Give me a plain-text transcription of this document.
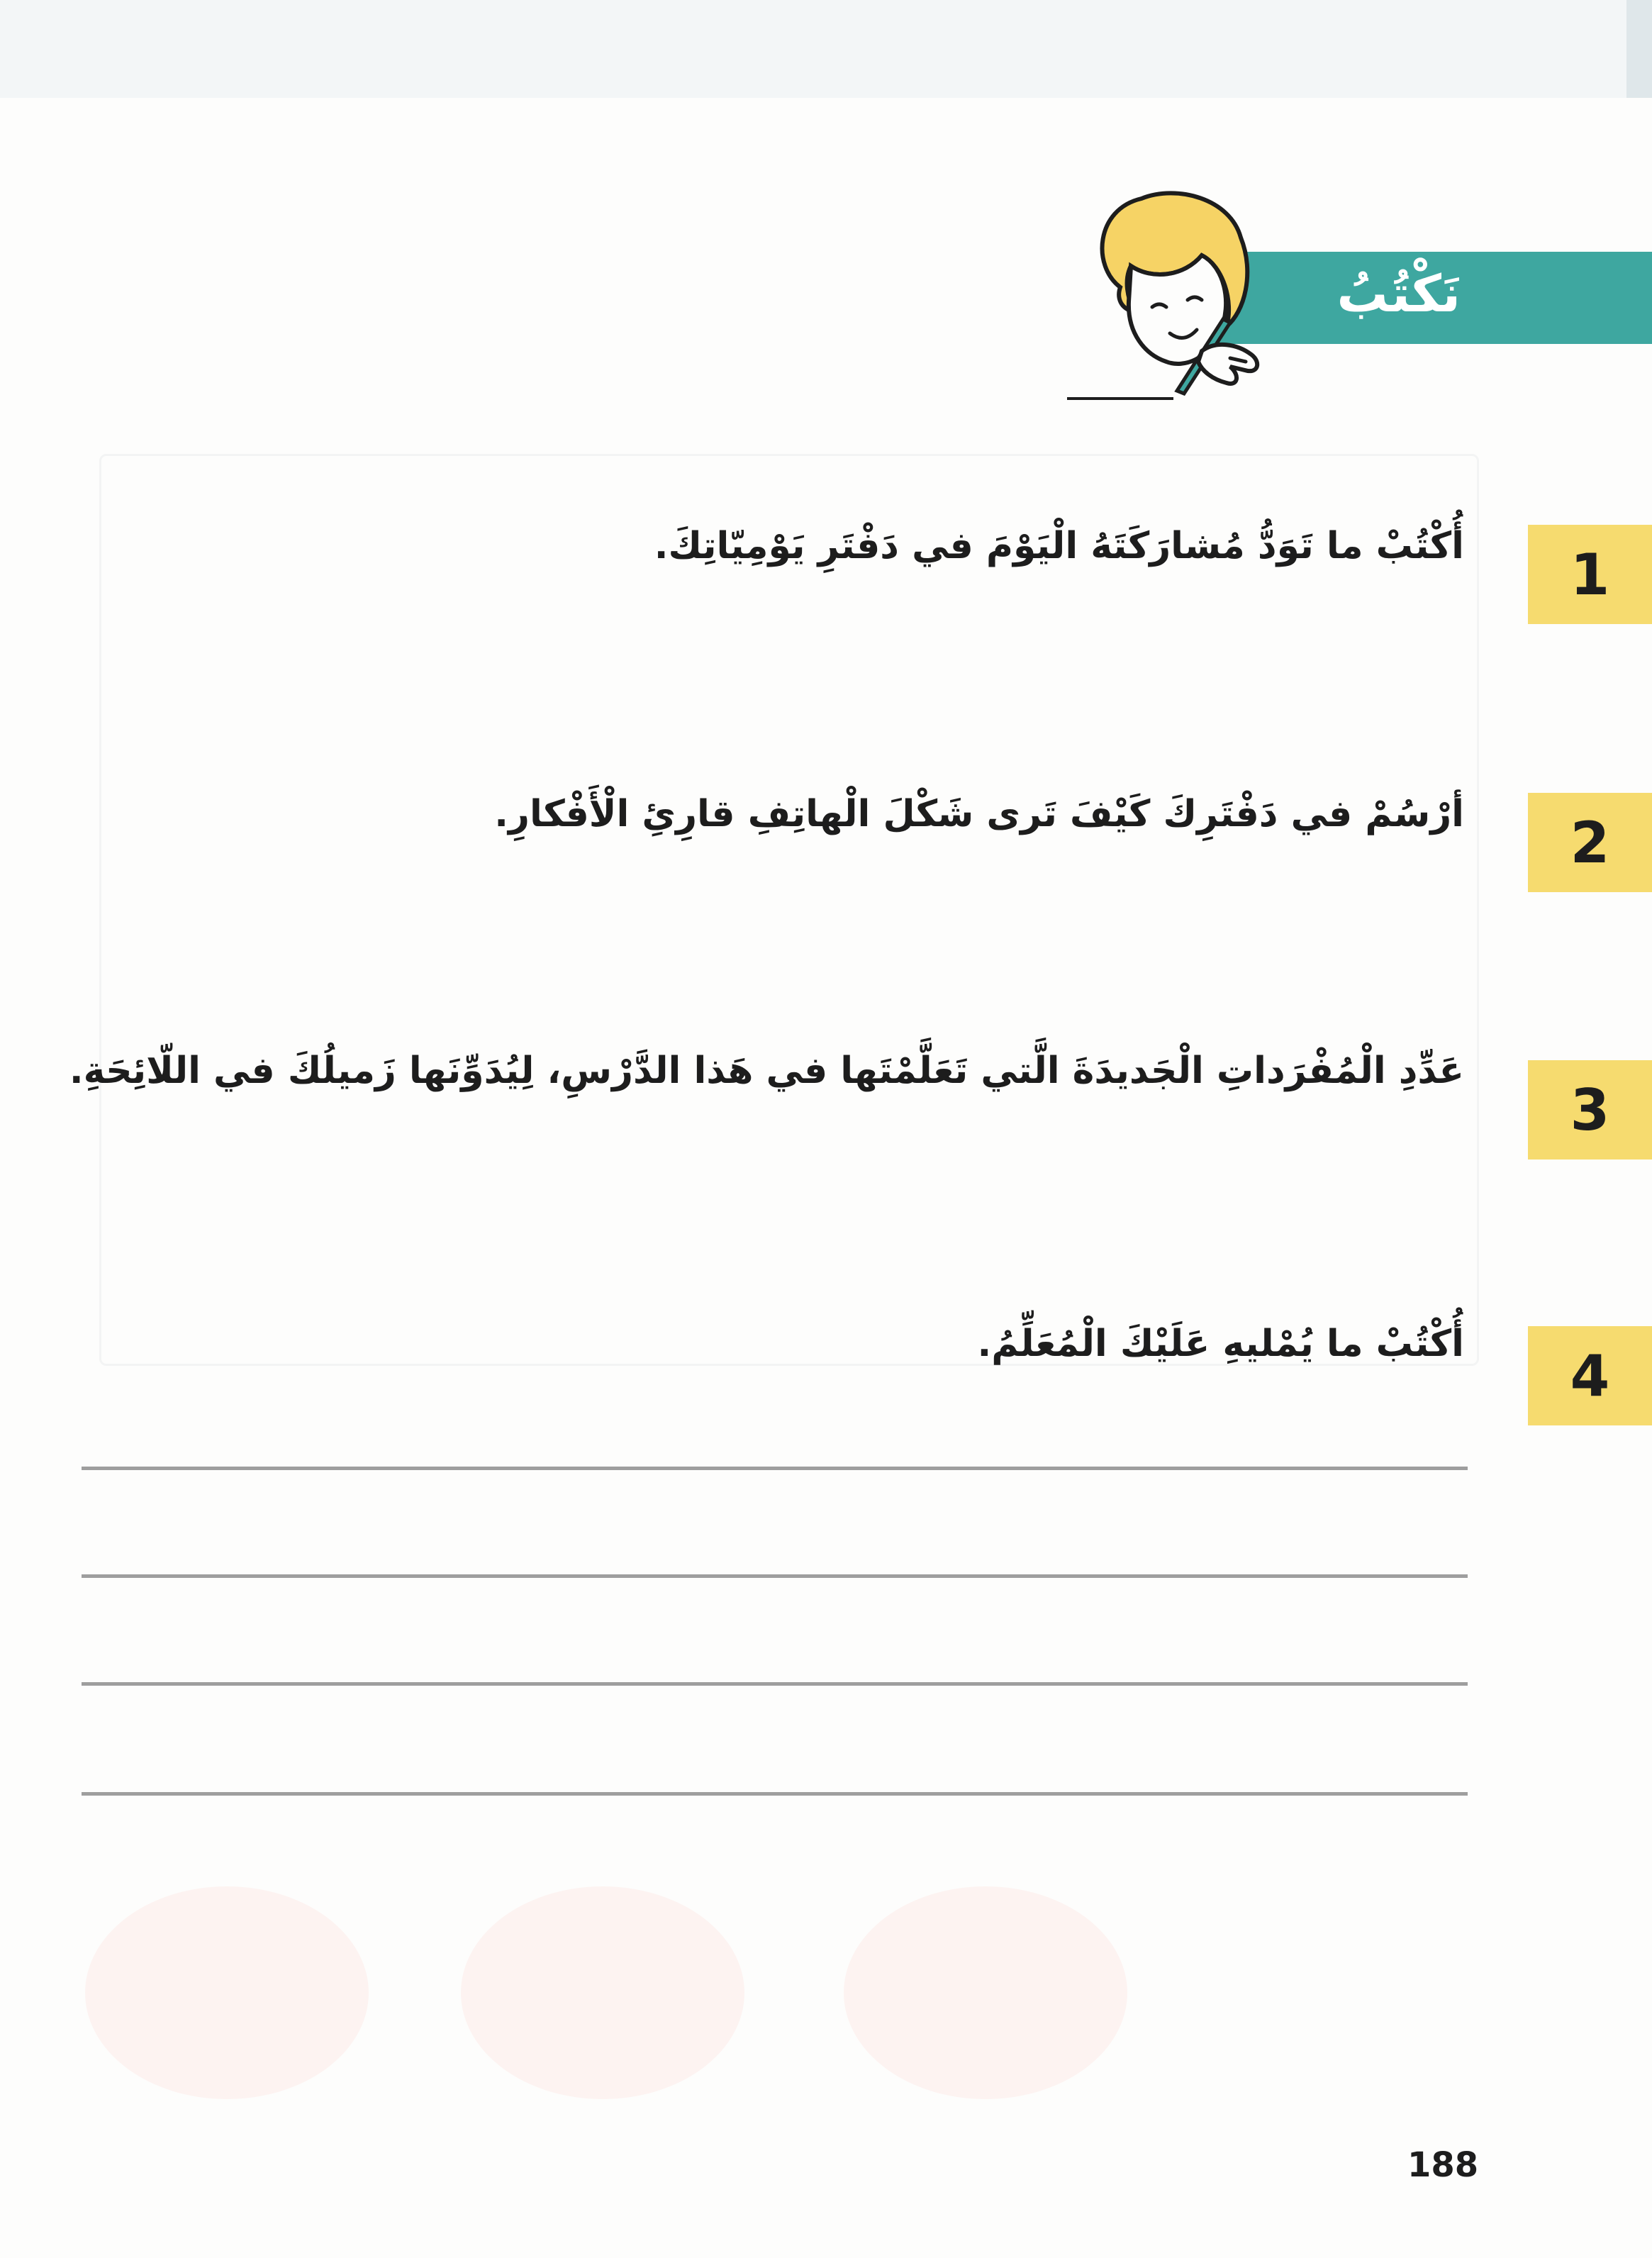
نَكْتُبُ
1
أُكْتُبْ ما تَوَدُّ مُشارَكَتَهُ الْيَوْمَ في دَفْتَرِ يَوْمِيّاتِكَ.
2
أرْسُمْ في دَفْتَرِكَ كَيْفَ تَرى شَكْلَ الْهاتِفِ قارِئِ الْأَفْكارِ.
3
عَدِّدِ الْمُفْرَداتِ الْجَديدَةَ الَّتي تَعَلَّمْتَها في هَذا الدَّرْسِ، لِيُدَوِّنَها زَميلُكَ في اللّائِحَةِ.
4
أُكْتُبْ ما يُمْليهِ عَلَيْكَ الْمُعَلِّمُ.
188
